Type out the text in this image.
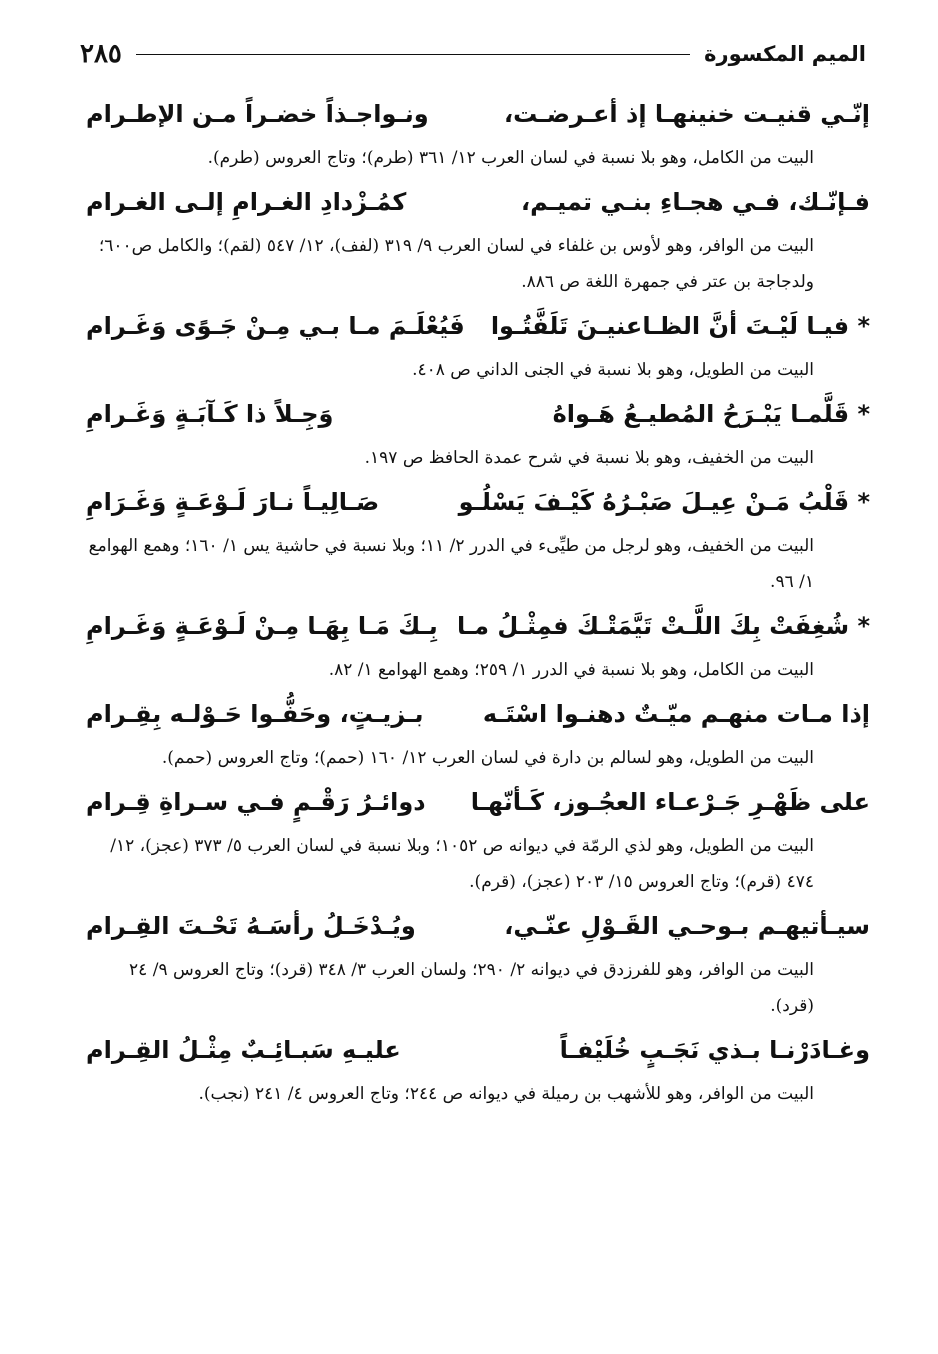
٢٨٥	الميم المكسورة
إنّـي قنيـت خنينهـا إذ أعـرضـت،
ونـواجـذاً خضـراً مـن الإطـرام

البيت من الكامل، وهو بلا نسبة في لسان العرب ١٢/ ٣٦١ (طرم)؛ وتاج العروس (طرم).

فـإنّـك، فـي هجـاءِ بنـي تميـم،
كمُـزْدادِ الغـرامِ إلـى الغـرام

البيت من الوافر، وهو لأوس بن غلفاء في لسان العرب ٩/ ٣١٩ (لفف)، ١٢/ ٥٤٧ (لقم)؛ والكامل ص٦٠٠؛ ولدجاجة بن عتر في جمهرة اللغة ص ٨٨٦.

* فيـا لَيْـتَ أنَّ الظـاعنيـنَ تَلَفَّتُـوا
فَيُعْلَـمَ مـا بـي مِـنْ جَـوًى وَغَـرام

البيت من الطويل، وهو بلا نسبة في الجنى الداني ص ٤٠٨.

* قَلَّمـا يَبْـرَحُ المُطيـعُ هَـواهُ
وَجِـلاً ذا كَـآبَـةٍ وَغَـرامِ

البيت من الخفيف، وهو بلا نسبة في شرح عمدة الحافظ ص ١٩٧.

* قَلْبُ مَـنْ عِيـلَ صَبْـرُهُ كَيْـفَ يَسْلُـو
صَـالِيـاً نـارَ لَـوْعَـةٍ وَغَـرَامِ

البيت من الخفيف، وهو لرجل من طيِّىء في الدرر ٢/ ١١؛ وبلا نسبة في حاشية يس ١/ ١٦٠؛ وهمع الهوامع ١/ ٩٦.

* شُغِفَتْ بِكَ اللَّـتْ تَيَّمَتْـكَ فمِثْـلُ مـا
بِـكَ مَـا بِهَـا مِـنْ لَـوْعَـةٍ وَغَـرامِ

البيت من الكامل، وهو بلا نسبة في الدرر ١/ ٢٥٩؛ وهمع الهوامع ١/ ٨٢.

إذا مـات منهـم ميّـتٌ دهنـوا اسْتَـه
بـزيـتٍ، وحَفُّـوا حَـوْلـه بِقِـرام

البيت من الطويل، وهو لسالم بن دارة في لسان العرب ١٢/ ١٦٠ (حمم)؛ وتاج العروس (حمم).

على ظَهْـرِ جَـرْعـاء العجُـوز، كَـأنّهـا
دوائـرُ رَقْـمٍ فـي سـراةِ قِـرام

البيت من الطويل، وهو لذي الرمّة في ديوانه ص ١٠٥٢؛ وبلا نسبة في لسان العرب ٥/ ٣٧٣ (عجز)، ١٢/ ٤٧٤ (قرم)؛ وتاج العروس ١٥/ ٢٠٣ (عجز)، (قرم).

سيـأتيهـم بـوحـي القَـوْلِ عنّـي،
ويُـدْخَـلُ رأسَـهُ تَحْـتَ القِـرام

البيت من الوافر، وهو للفرزدق في ديوانه ٢/ ٢٩٠؛ ولسان العرب ٣/ ٣٤٨ (قرد)؛ وتاج العروس ٩/ ٢٤ (قرد).

وغـادَرْنـا بـذي نَجَـبٍ خُلَيْفـاً
عليـهِ سَبـائِـبٌ مِثْـلُ القِـرام

البيت من الوافر، وهو للأشهب بن رميلة في ديوانه ص ٢٤٤؛ وتاج العروس ٤/ ٢٤١ (نجب).
